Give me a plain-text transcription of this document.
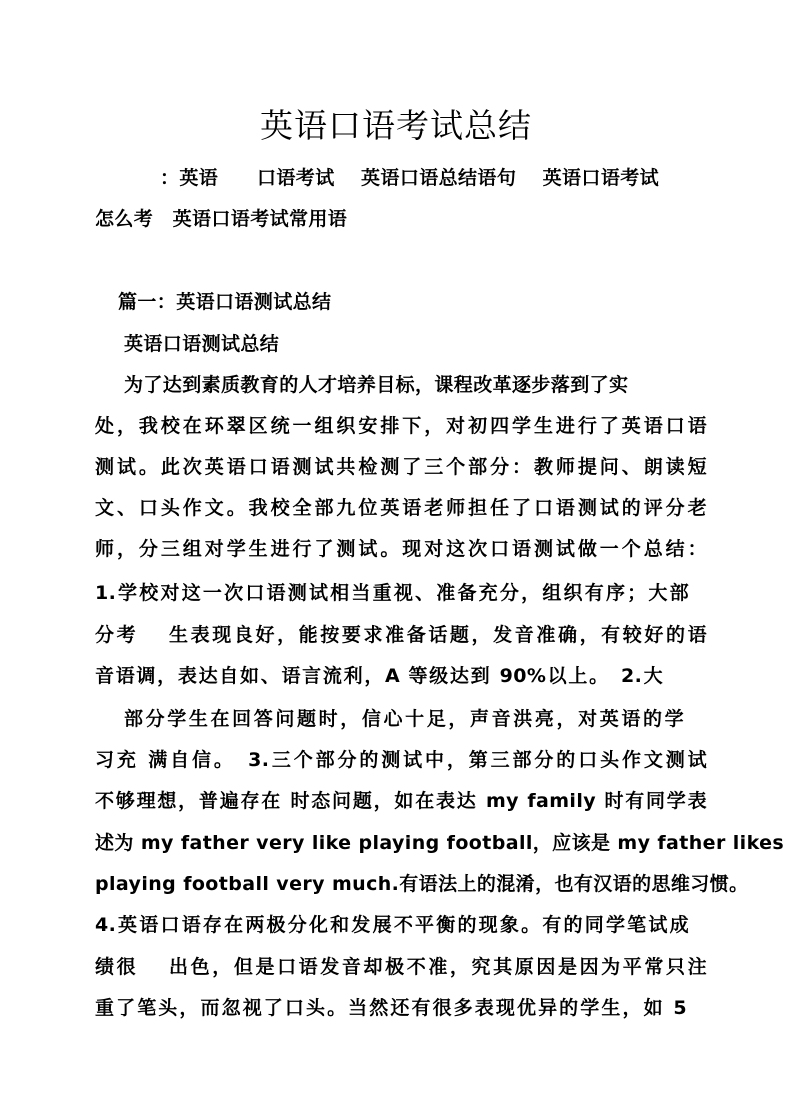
英语口语考试总结
：英语　　口语考试　 英语口语总结语句　 英语口语考试
怎么考　英语口语考试常用语
篇一：英语口语测试总结
英语口语测试总结
为了达到素质教育的人才培养目标，课程改革逐步落到了实
处，我校在环翠区统一组织安排下，对初四学生进行了英语口语
测试。此次英语口语测试共检测了三个部分：教师提问、朗读短
文、口头作文。我校全部九位英语老师担任了口语测试的评分老
师，分三组对学生进行了测试。现对这次口语测试做一个总结：
1.学校对这一次口语测试相当重视、准备充分，组织有序；大部
分考　 生表现良好，能按要求准备话题，发音准确，有较好的语
音语调，表达自如、语言流利，A 等级达到 90%以上。　2.大
部分学生在回答问题时，信心十足，声音洪亮，对英语的学
习充 满自信。　3.三个部分的测试中，第三部分的口头作文测试
不够理想，普遍存在 时态问题，如在表达 my family 时有同学表
述为 my father very like playing football，应该是 my father likes
playing football very much.有语法上的混淆，也有汉语的思维习惯。
4.英语口语存在两极分化和发展不平衡的现象。有的同学笔试成
绩很　 出色，但是口语发音却极不准，究其原因是因为平常只注
重了笔头，而忽视了口头。当然还有很多表现优异的学生，如 5
